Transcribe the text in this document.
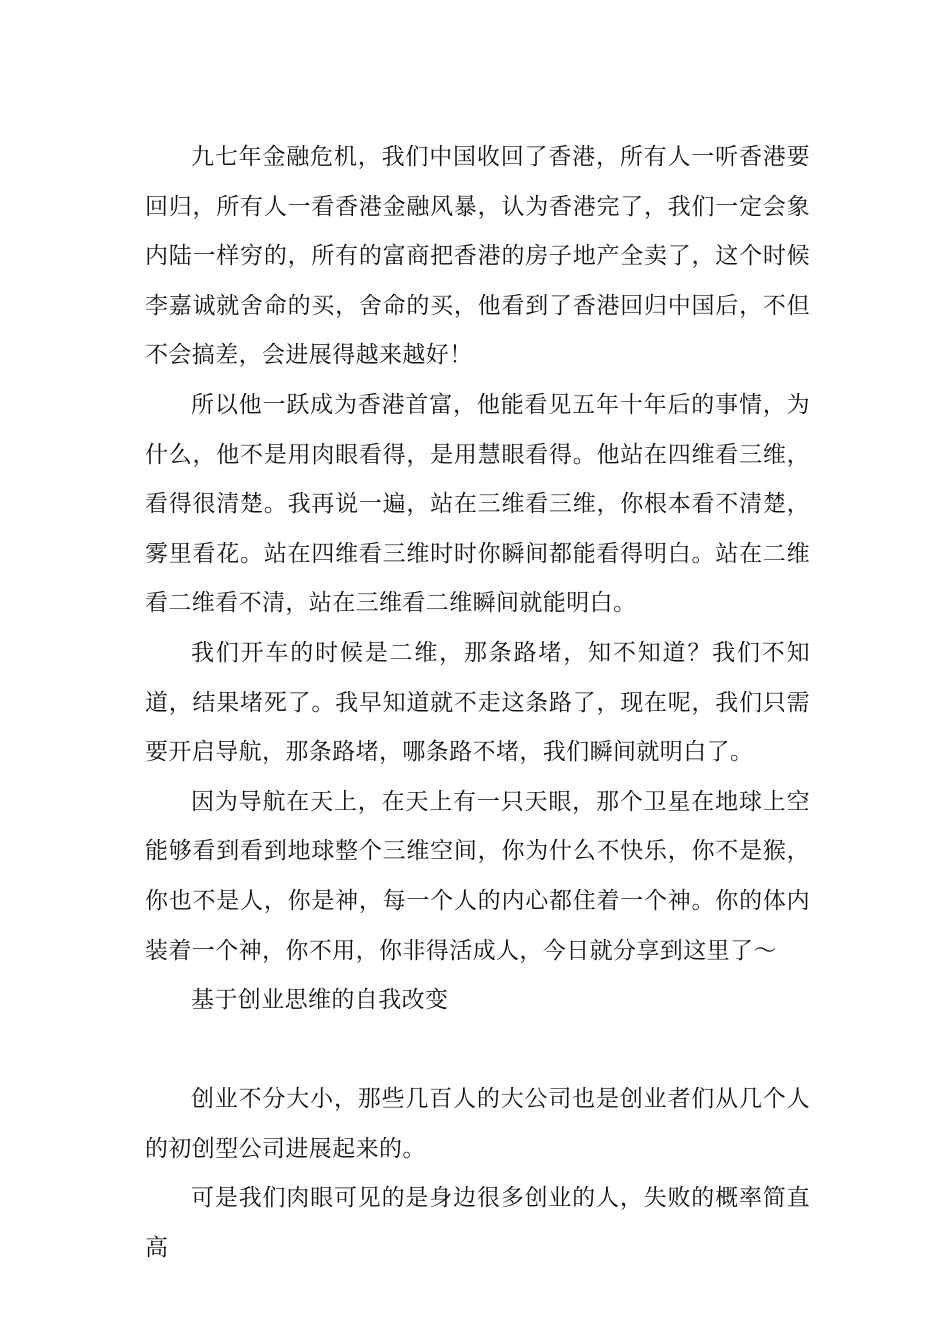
九七年金融危机，我们中国收回了香港，所有人一听香港要回归，所有人一看香港金融风暴，认为香港完了，我们一定会象内陆一样穷的，所有的富商把香港的房子地产全卖了，这个时候李嘉诚就舍命的买，舍命的买，他看到了香港回归中国后，不但不会搞差，会进展得越来越好！

所以他一跃成为香港首富，他能看见五年十年后的事情，为什么，他不是用肉眼看得，是用慧眼看得。他站在四维看三维，看得很清楚。我再说一遍，站在三维看三维，你根本看不清楚，雾里看花。站在四维看三维时时你瞬间都能看得明白。站在二维看二维看不清，站在三维看二维瞬间就能明白。

我们开车的时候是二维，那条路堵，知不知道？我们不知道，结果堵死了。我早知道就不走这条路了，现在呢，我们只需要开启导航，那条路堵，哪条路不堵，我们瞬间就明白了。

因为导航在天上，在天上有一只天眼，那个卫星在地球上空能够看到看到地球整个三维空间，你为什么不快乐，你不是猴，你也不是人，你是神，每一个人的内心都住着一个神。你的体内装着一个神，你不用，你非得活成人，今日就分享到这里了～

基于创业思维的自我改变

创业不分大小，那些几百人的大公司也是创业者们从几个人的初创型公司进展起来的。

可是我们肉眼可见的是身边很多创业的人，失败的概率简直高
